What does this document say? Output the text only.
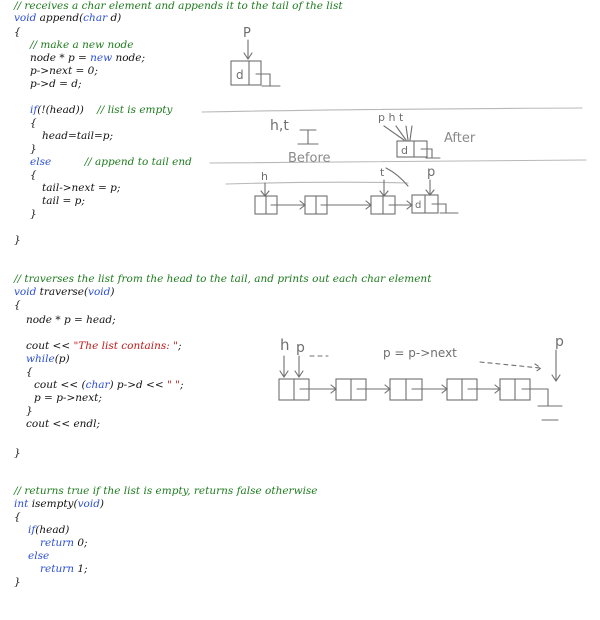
// receives a char element and appends it to the tail of the list
void append(char d)
{
// make a new node
node * p = new node;
p->next = 0;
p->d = d;
if(!(head))    // list is empty
{
head=tail=p;
}
else	// append to tail end
{
tail->next = p;
tail = p;
}
}
// traverses the list from the head to the tail, and prints out each char element
void traverse(void)
{
node * p = head;
cout << "The list contains: ";
while(p)
{
cout << (char) p->d << " ";
p = p->next;
}
cout << endl;
}
// returns true if the list is empty, returns false otherwise
int isempty(void)
{
if(head)
return 0;
else
return 1;
}
P
d
h,t
Before
p h t
d
After
h	t
d
p
h p	p = p->next
p
